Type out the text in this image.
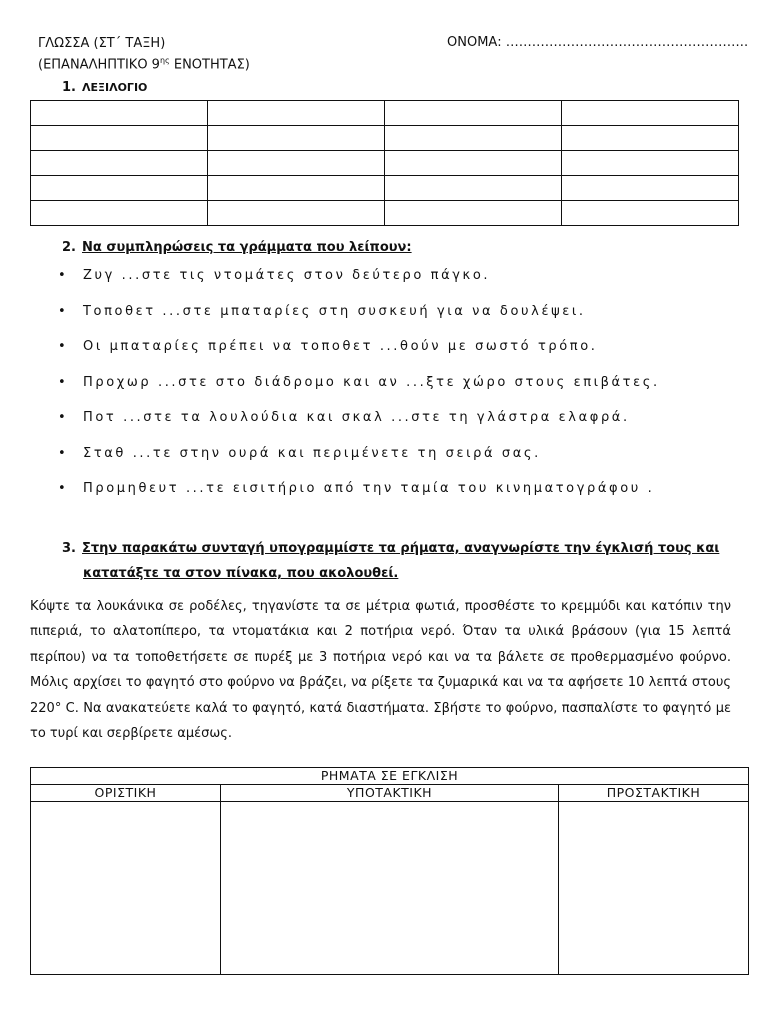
ΓΛΩΣΣΑ (ΣΤ΄ ΤΑΞΗ)
(ΕΠΑΝΑΛΗΠΤΙΚΟ $9^{\eta\varsigma}$ ΕΝΟΤΗΤΑΣ)
ΟΝΟΜΑ: ………………………………………………..
1. ΛΕΞΙΛΟΓΙΟ

2. Να συμπληρώσεις τα γράμματα που λείπουν:
• Ζυγ ...στε τις ντομάτες στον δεύτερο πάγκο.
• Τοποθετ ...στε μπαταρίες στη συσκευή για να δουλέψει.
• Οι μπαταρίες πρέπει να τοποθετ ...θούν με σωστό τρόπο.
• Προχωρ ...στε στο διάδρομο και αν ...ξτε χώρο στους επιβάτες.
• Ποτ ...στε τα λουλούδια και σκαλ ...στε τη γλάστρα ελαφρά.
• Σταθ ...τε στην ουρά και περιμένετε τη σειρά σας.
• Προμηθευτ ...τε εισιτήριο από την ταμία του κινηματογράφου .
3. Στην παρακάτω συνταγή υπογραμμίστε τα ρήματα, αναγνωρίστε την έγκλισή τους και
κατατάξτε τα στον πίνακα, που ακολουθεί.

Κόψτε τα λουκάνικα σε ροδέλες, τηγανίστε τα σε μέτρια φωτιά, προσθέστε το κρεμμύδι και κατόπιν την πιπεριά, το αλατοπίπερο, τα ντοματάκια και 2 ποτήρια νερό. Όταν τα υλικά βράσουν (για 15 λεπτά περίπου) να τα τοποθετήσετε σε πυρέξ με 3 ποτήρια νερό και να τα βάλετε σε προθερμασμένο φούρνο. Μόλις αρχίσει το φαγητό στο φούρνο να βράζει, να ρίξετε τα ζυμαρικά και να τα αφήσετε 10 λεπτά στους 220° C. Να ανακατεύετε καλά το φαγητό, κατά διαστήματα. Σβήστε το φούρνο, πασπαλίστε το φαγητό με το τυρί και σερβίρετε αμέσως.

ΡΗΜΑΤΑ ΣΕ ΕΓΚΛΙΣΗ		
ΟΡΙΣΤΙΚΗ	ΥΠΟΤΑΚΤΙΚΗ	ΠΡΟΣΤΑΚΤΙΚΗ
